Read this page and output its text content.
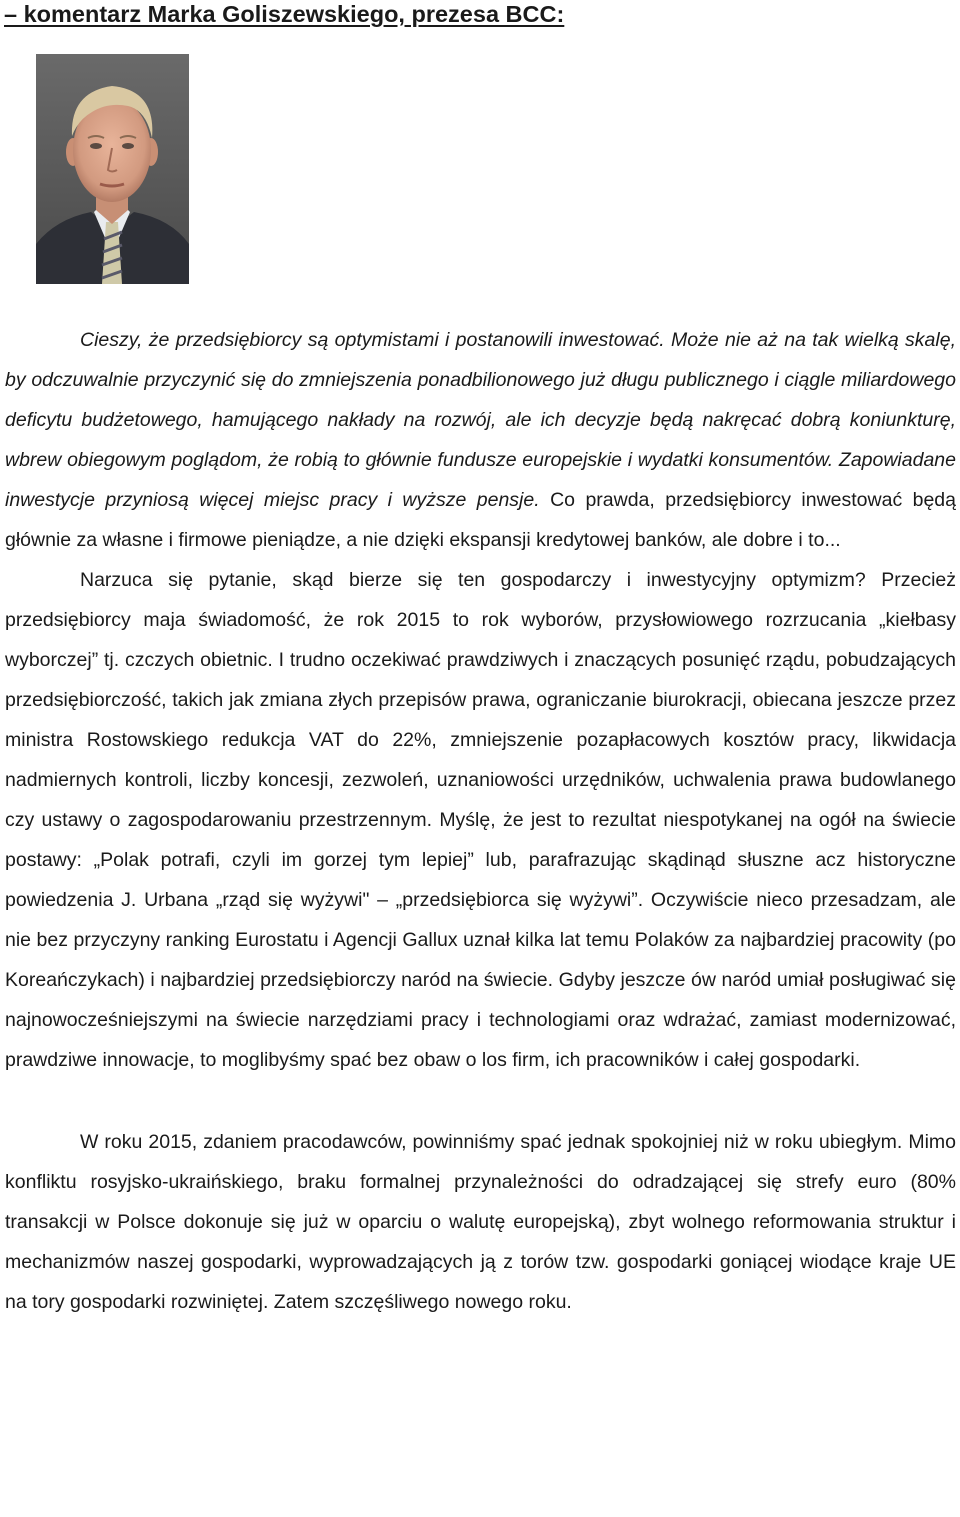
– komentarz Marka Goliszewskiego, prezesa BCC:

Cieszy, że przedsiębiorcy są optymistami i postanowili inwestować. Może nie aż na tak wielką skalę, by odczuwalnie przyczynić się do zmniejszenia ponadbilionowego już długu publicznego i ciągle miliardowego deficytu budżetowego, hamującego nakłady na rozwój, ale ich decyzje będą nakręcać dobrą koniunkturę, wbrew obiegowym poglądom, że robią to głównie fundusze europejskie i wydatki konsumentów. Zapowiadane inwestycje przyniosą więcej miejsc pracy i wyższe pensje. Co prawda, przedsiębiorcy inwestować będą głównie za własne i firmowe pieniądze, a nie dzięki ekspansji kredytowej banków, ale dobre i to...

Narzuca się pytanie, skąd bierze się ten gospodarczy i inwestycyjny optymizm? Przecież przedsiębiorcy maja świadomość, że rok 2015 to rok wyborów, przysłowiowego rozrzucania „kiełbasy wyborczej” tj. czczych obietnic. I trudno oczekiwać prawdziwych i znaczących posunięć rządu, pobudzających przedsiębiorczość, takich jak zmiana złych przepisów prawa, ograniczanie biurokracji, obiecana jeszcze przez ministra Rostowskiego redukcja VAT do 22%, zmniejszenie pozapłacowych kosztów pracy, likwidacja nadmiernych kontroli, liczby koncesji, zezwoleń, uznaniowości urzędników, uchwalenia prawa budowlanego czy ustawy o zagospodarowaniu przestrzennym. Myślę, że jest to rezultat niespotykanej na ogół na świecie postawy: „Polak potrafi, czyli im gorzej tym lepiej” lub, parafrazując skądinąd słuszne acz historyczne powiedzenia J. Urbana „rząd się wyżywi" – „przedsiębiorca się wyżywi”. Oczywiście nieco przesadzam, ale nie bez przyczyny ranking Eurostatu i Agencji Gallux uznał kilka lat temu Polaków za najbardziej pracowity (po Koreańczykach) i najbardziej przedsiębiorczy naród na świecie. Gdyby jeszcze ów naród umiał posługiwać się najnowocześniejszymi na świecie narzędziami pracy i technologiami oraz wdrażać, zamiast modernizować, prawdziwe innowacje, to moglibyśmy spać bez obaw o los firm, ich pracowników i całej gospodarki.

W roku 2015, zdaniem pracodawców, powinniśmy spać jednak spokojniej niż w roku ubiegłym. Mimo konfliktu rosyjsko-ukraińskiego, braku formalnej przynależności do odradzającej się strefy euro (80% transakcji w Polsce dokonuje się już w oparciu o walutę europejską), zbyt wolnego reformowania struktur i mechanizmów naszej gospodarki, wyprowadzających ją z torów tzw. gospodarki goniącej wiodące kraje UE na tory gospodarki rozwiniętej. Zatem szczęśliwego nowego roku.
